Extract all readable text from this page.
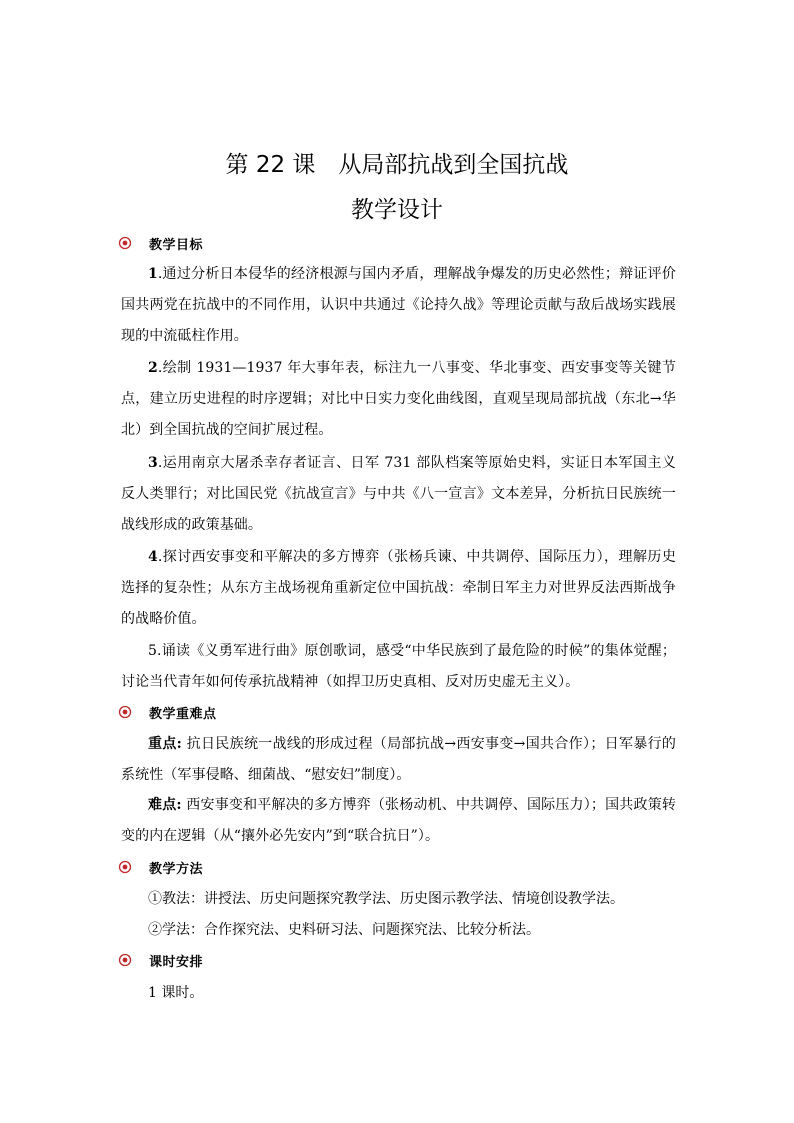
第 22 课　从局部抗战到全国抗战
教学设计
教学目标
1.通过分析日本侵华的经济根源与国内矛盾，理解战争爆发的历史必然性；辩证评价国共两党在抗战中的不同作用，认识中共通过《论持久战》等理论贡献与敌后战场实践展现的中流砥柱作用。
2.绘制 1931—1937 年大事年表，标注九一八事变、华北事变、西安事变等关键节点，建立历史进程的时序逻辑；对比中日实力变化曲线图，直观呈现局部抗战（东北→华北）到全国抗战的空间扩展过程。
3.运用南京大屠杀幸存者证言、日军 731 部队档案等原始史料，实证日本军国主义反人类罪行；对比国民党《抗战宣言》与中共《八一宣言》文本差异，分析抗日民族统一战线形成的政策基础。
4.探讨西安事变和平解决的多方博弈（张杨兵谏、中共调停、国际压力），理解历史选择的复杂性；从东方主战场视角重新定位中国抗战：牵制日军主力对世界反法西斯战争的战略价值。
5.诵读《义勇军进行曲》原创歌词，感受“中华民族到了最危险的时候”的集体觉醒；讨论当代青年如何传承抗战精神（如捍卫历史真相、反对历史虚无主义）。
教学重难点
重点: 抗日民族统一战线的形成过程（局部抗战→西安事变→国共合作）；日军暴行的系统性（军事侵略、细菌战、“慰安妇”制度）。
难点: 西安事变和平解决的多方博弈（张杨动机、中共调停、国际压力）；国共政策转变的内在逻辑（从“攘外必先安内”到“联合抗日”）。
教学方法
①教法：讲授法、历史问题探究教学法、历史图示教学法、情境创设教学法。
②学法：合作探究法、史料研习法、问题探究法、比较分析法。
课时安排
1 课时。
